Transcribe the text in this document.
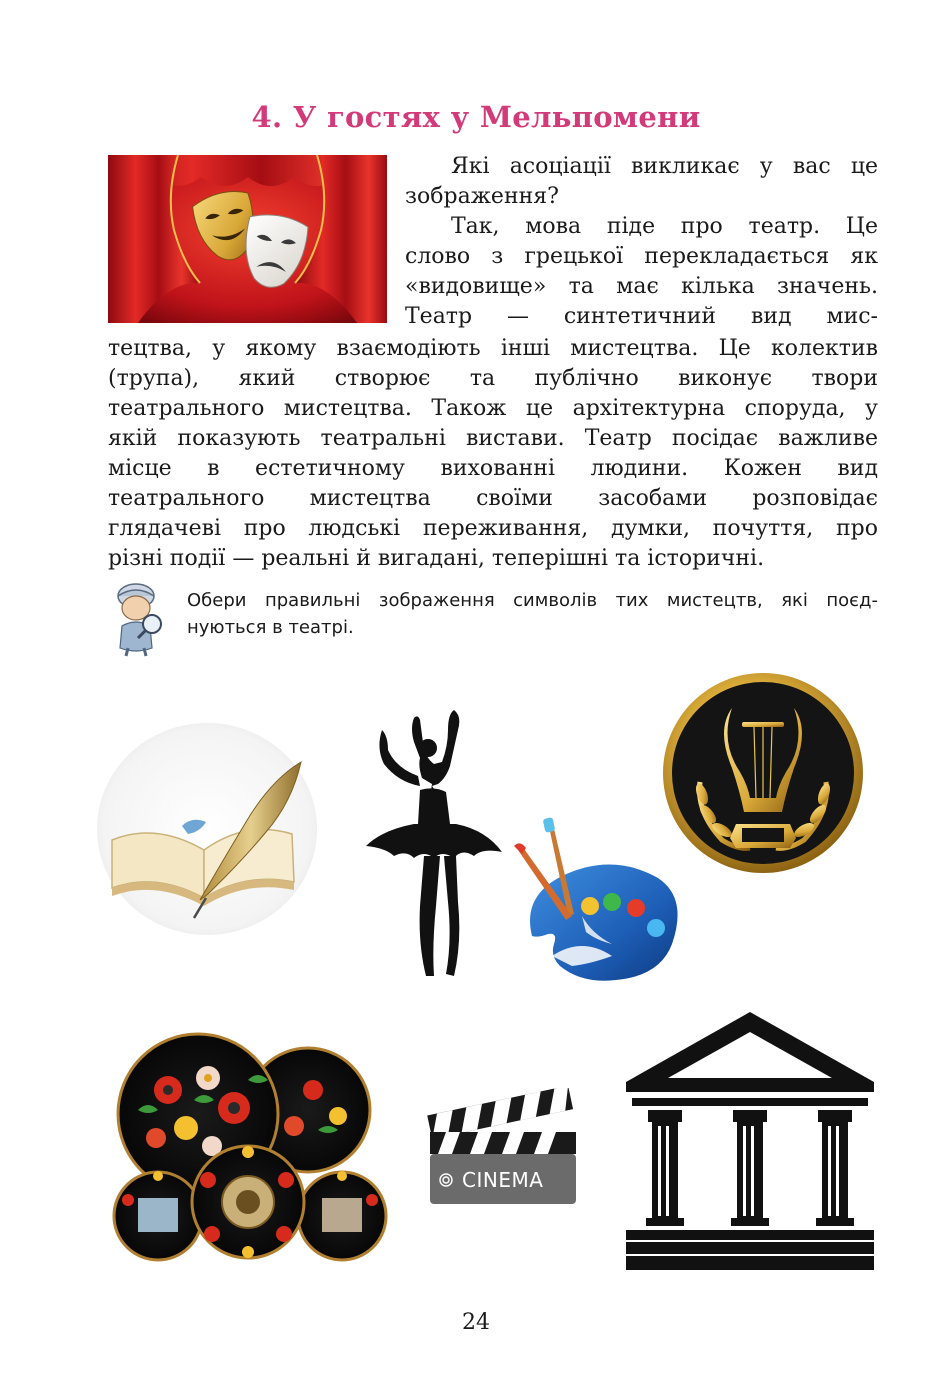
4. У гостях у Мельпомени

Які асоціації викликає у вас це

зображення?

Так, мова піде про театр. Це

слово з грецької перекладається як

«видовище» та має кілька значень.

Театр — синтетичний вид мис-

тецтва, у якому взаємодіють інші мистецтва. Це колектив

(трупа), який створює та публічно виконує твори

театрального мистецтва. Також це архітектурна споруда, у

якій показують театральні вистави. Театр посідає важливе

місце в естетичному вихованні людини. Кожен вид

театрального мистецтва своїми засобами розповідає

глядачеві про людські переживання, думки, почуття, про

різні події — реальні й вигадані, теперішні та історичні.

Обери правильні зображення символів тих мистецтв, які поєд-

нуються в театрі.

CINEMA
24
